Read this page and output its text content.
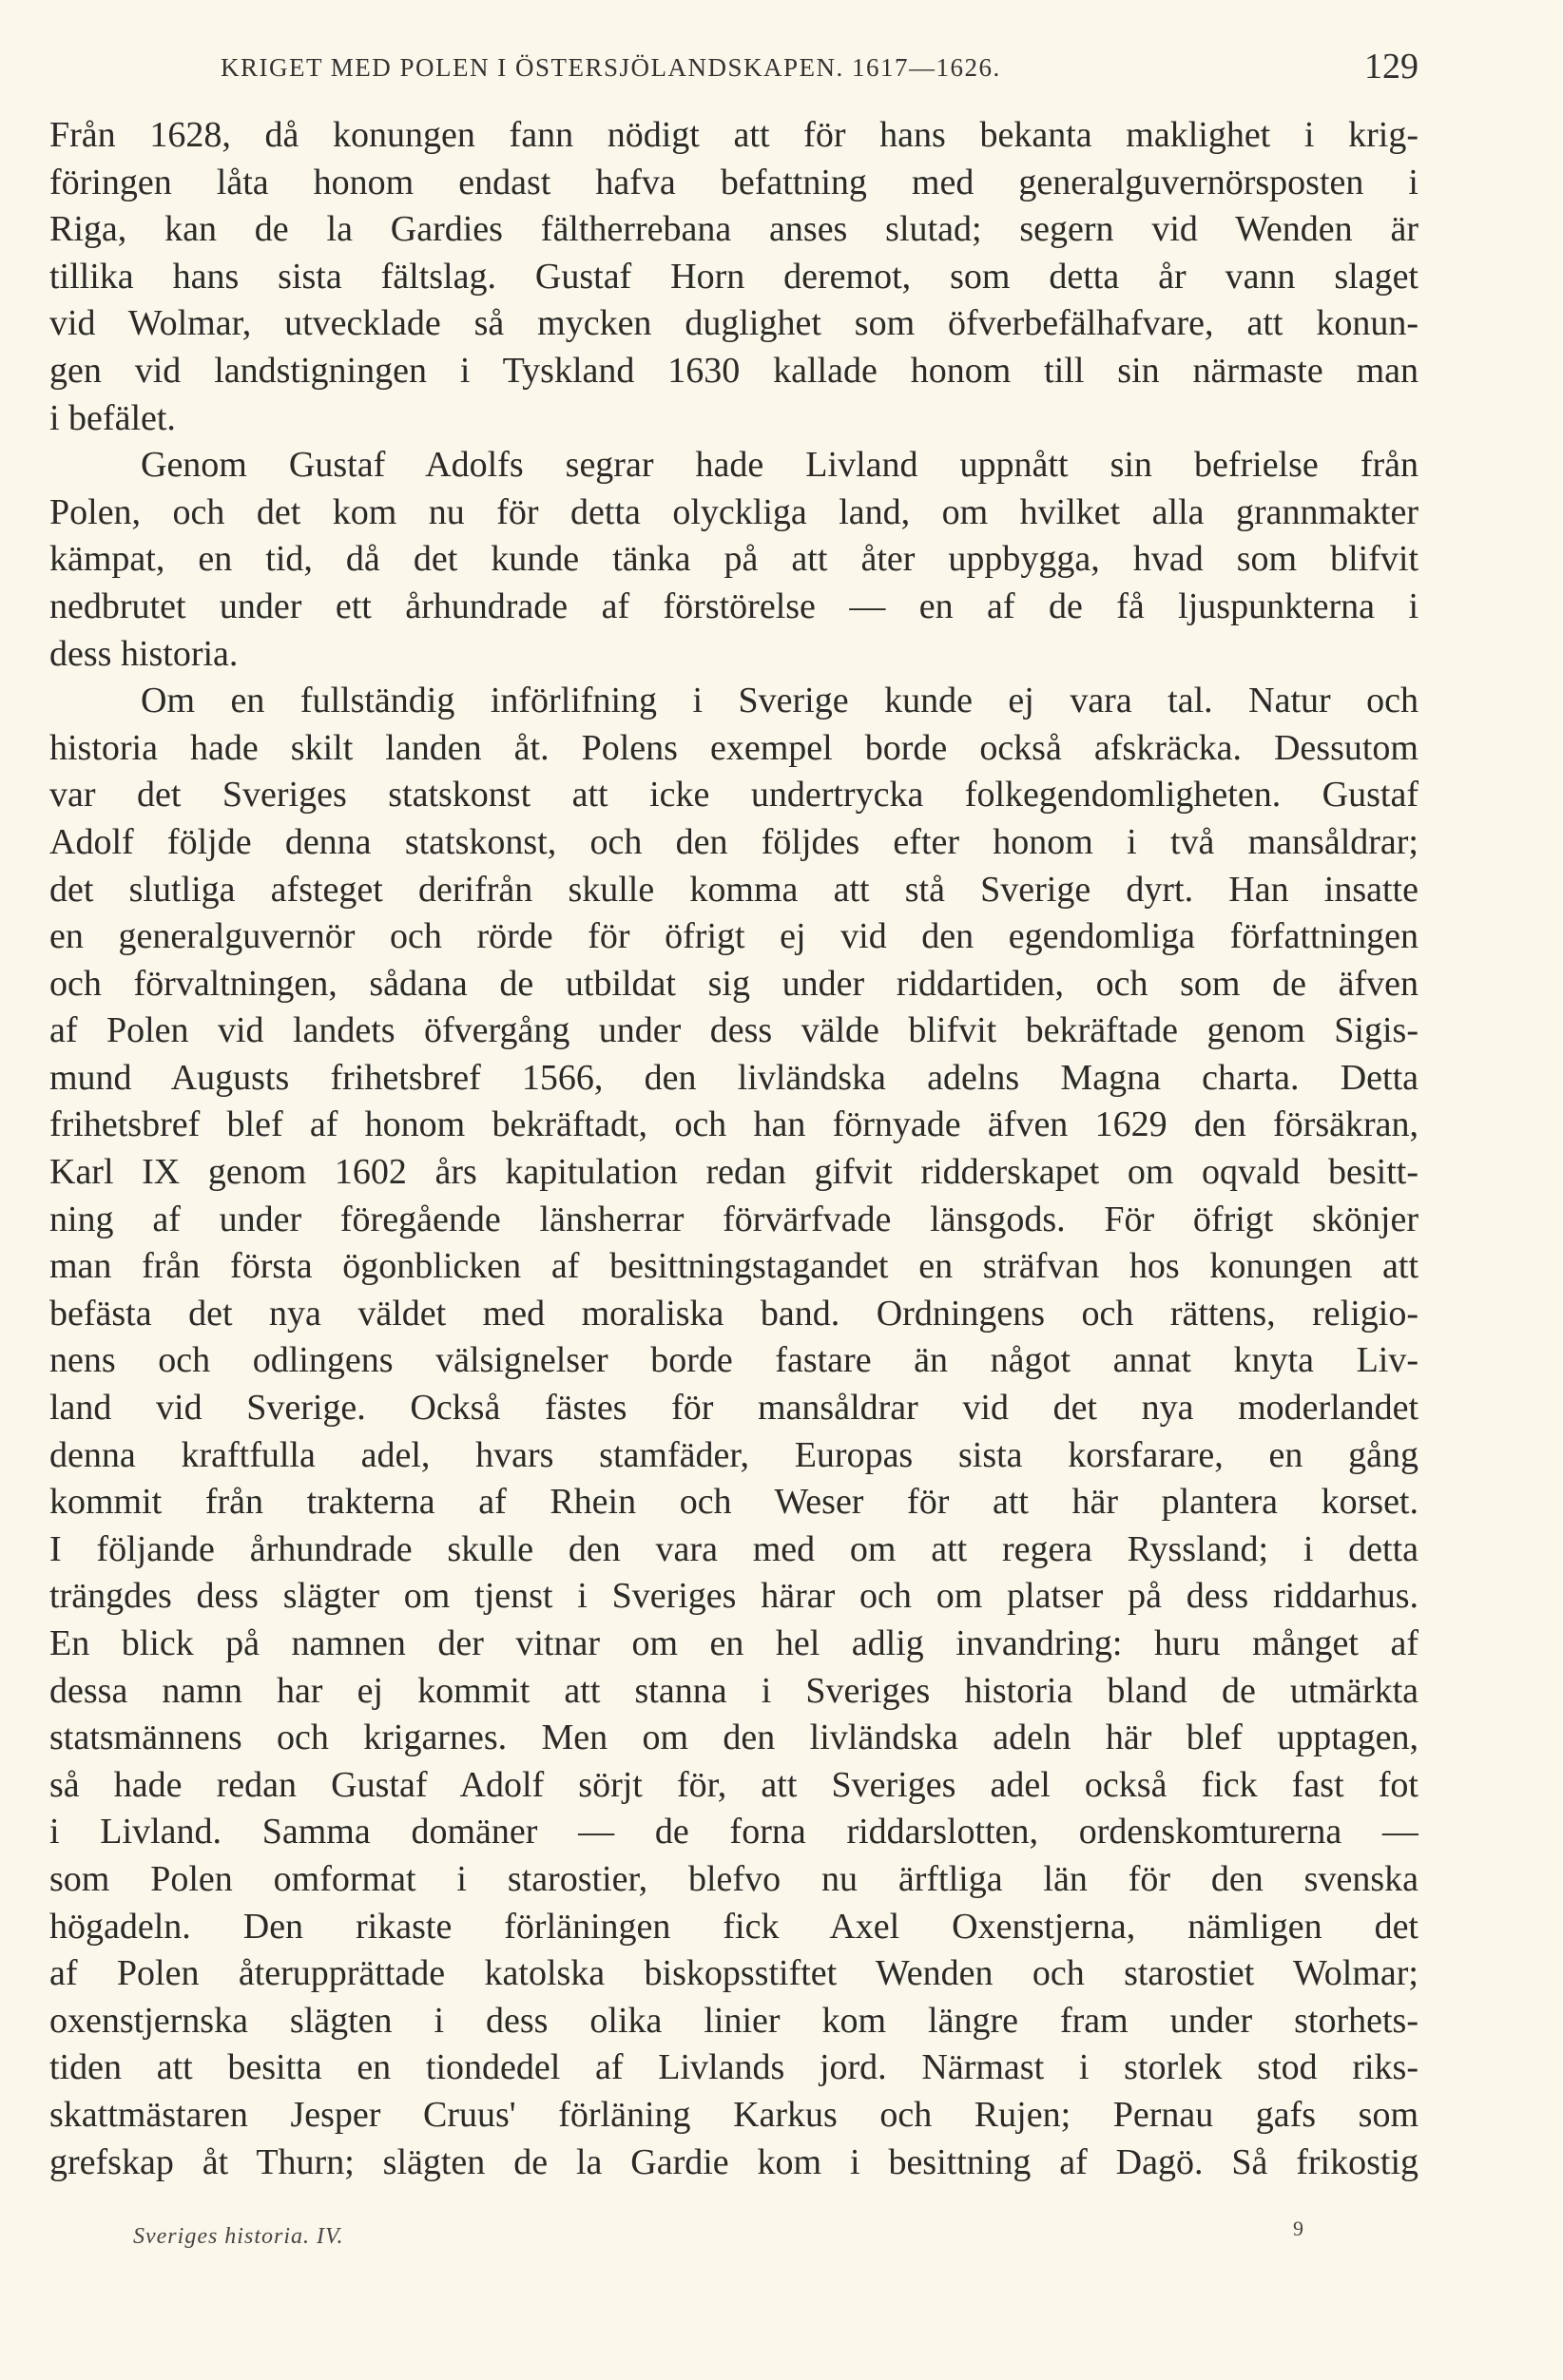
KRIGET MED POLEN I ÖSTERSJÖLANDSKAPEN. 1617—1626.	129
Från 1628, då konungen fann nödigt att för hans bekanta maklighet i krig-
föringen låta honom endast hafva befattning med generalguvernörsposten i
Riga, kan de la Gardies fältherrebana anses slutad; segern vid Wenden är
tillika hans sista fältslag. Gustaf Horn deremot, som detta år vann slaget
vid Wolmar, utvecklade så mycken duglighet som öfverbefälhafvare, att konun-
gen vid landstigningen i Tyskland 1630 kallade honom till sin närmaste man
i befälet.
Genom Gustaf Adolfs segrar hade Livland uppnått sin befrielse från
Polen, och det kom nu för detta olyckliga land, om hvilket alla grannmakter
kämpat, en tid, då det kunde tänka på att åter uppbygga, hvad som blifvit
nedbrutet under ett århundrade af förstörelse — en af de få ljuspunkterna i
dess historia.
Om en fullständig införlifning i Sverige kunde ej vara tal. Natur och
historia hade skilt landen åt. Polens exempel borde också afskräcka. Dessutom
var det Sveriges statskonst att icke undertrycka folkegendomligheten. Gustaf
Adolf följde denna statskonst, och den följdes efter honom i två mansåldrar;
det slutliga afsteget derifrån skulle komma att stå Sverige dyrt. Han insatte
en generalguvernör och rörde för öfrigt ej vid den egendomliga författningen
och förvaltningen, sådana de utbildat sig under riddartiden, och som de äfven
af Polen vid landets öfvergång under dess välde blifvit bekräftade genom Sigis-
mund Augusts frihetsbref 1566, den livländska adelns Magna charta. Detta
frihetsbref blef af honom bekräftadt, och han förnyade äfven 1629 den försäkran,
Karl IX genom 1602 års kapitulation redan gifvit ridderskapet om oqvald besitt-
ning af under föregående länsherrar förvärfvade länsgods. För öfrigt skönjer
man från första ögonblicken af besittningstagandet en sträfvan hos konungen att
befästa det nya väldet med moraliska band. Ordningens och rättens, religio-
nens och odlingens välsignelser borde fastare än något annat knyta Liv-
land vid Sverige. Också fästes för mansåldrar vid det nya moderlandet
denna kraftfulla adel, hvars stamfäder, Europas sista korsfarare, en gång
kommit från trakterna af Rhein och Weser för att här plantera korset.
I följande århundrade skulle den vara med om att regera Ryssland; i detta
trängdes dess slägter om tjenst i Sveriges härar och om platser på dess riddarhus.
En blick på namnen der vitnar om en hel adlig invandring: huru månget af
dessa namn har ej kommit att stanna i Sveriges historia bland de utmärkta
statsmännens och krigarnes. Men om den livländska adeln här blef upptagen,
så hade redan Gustaf Adolf sörjt för, att Sveriges adel också fick fast fot
i Livland. Samma domäner — de forna riddarslotten, ordenskomturerna —
som Polen omformat i starostier, blefvo nu ärftliga län för den svenska
högadeln. Den rikaste förläningen fick Axel Oxenstjerna, nämligen det
af Polen återupprättade katolska biskopsstiftet Wenden och starostiet Wolmar;
oxenstjernska slägten i dess olika linier kom längre fram under storhets-
tiden att besitta en tiondedel af Livlands jord. Närmast i storlek stod riks-
skattmästaren Jesper Cruus' förläning Karkus och Rujen; Pernau gafs som
grefskap åt Thurn; slägten de la Gardie kom i besittning af Dagö. Så frikostig
Sveriges historia. IV.	9
